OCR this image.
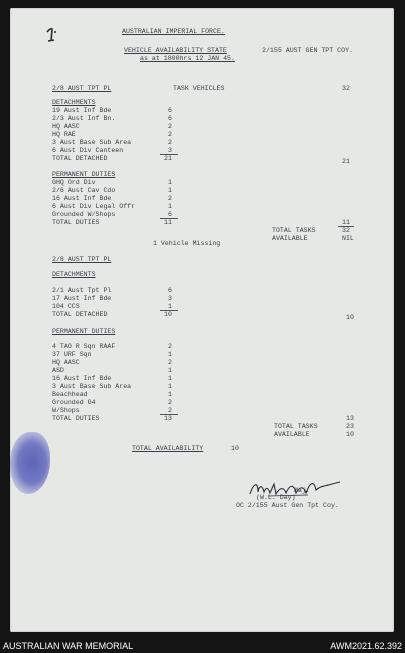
AUSTRALIAN IMPERIAL FORCE.
VEHICLE AVAILABILITY STATE
as at 1800hrs 12 JAN 45.
2/155 AUST GEN TPT COY.
2/8 AUST TPT PL	TASK VEHICLES	32
DETACHMENTS
19 Aust Inf Bde	6
2/3 Aust Inf Bn.	6
HQ AASC	2
HQ RAE	2
3 Aust Base Sub Area	2
6 Aust Div Canteen	3
TOTAL DETACHED	21	21
PERMANENT DUTIES
GHQ Ord Div	1
2/6 Aust Cav Cdo	1
16 Aust Inf Bde	2
6 Aust Div Legal Offr	1
Grounded W/Shops	6
TOTAL DUTIES	11	11
TOTAL TASKS	32
AVAILABLE	NIL
1 Vehicle Missing
2/8 AUST TPT PL
DETACHMENTS
2/1 Aust Tpt Pl	6
17 Aust Inf Bde	3
104 CCS	1
TOTAL DETACHED	10	10
PERMANENT DUTIES
4 TAO R Sqn RAAF	2
37 URF Sqn	1
HQ AASC	2
ASD	1
16 Aust Inf Bde	1
3 Aust Base Sub Area	1
Beachhead	1
Grounded G4	2
W/Shops	2
TOTAL DUTIES	13	13
TOTAL TASKS	23
AVAILABLE	10
TOTAL AVAILABILITY	10
Maj.
(W.L. Day)
OC 2/155 Aust Gen Tpt Coy.
AUSTRALIAN WAR MEMORIAL	AWM2021.62.392
